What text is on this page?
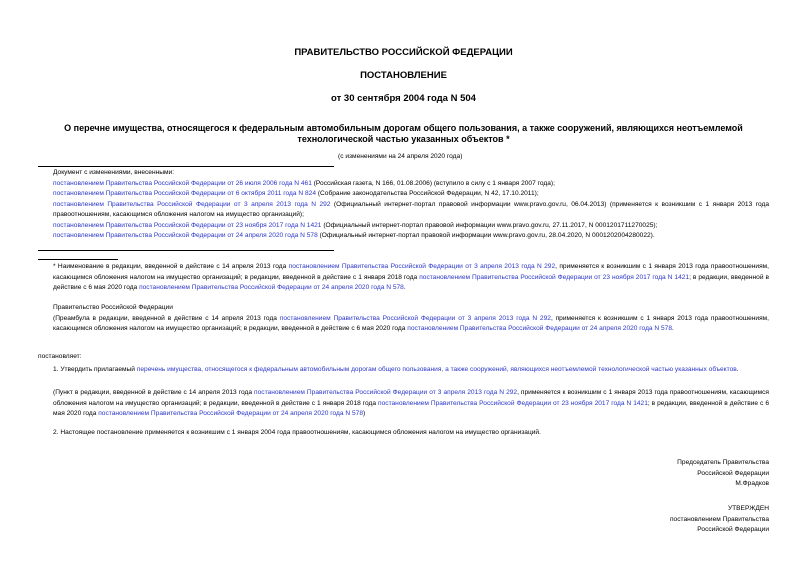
ПРАВИТЕЛЬСТВО РОССИЙСКОЙ ФЕДЕРАЦИИ
ПОСТАНОВЛЕНИЕ
от 30 сентября 2004 года N 504
О перечне имущества, относящегося к федеральным автомобильным дорогам общего пользования, а также сооружений, являющихся неотъемлемой технологической частью указанных объектов *
(с изменениями на 24 апреля 2020 года)

Документ с изменениями, внесенными:

постановлением Правительства Российской Федерации от 26 июля 2006 года N 461 (Российская газета, N 166, 01.08.2006) (вступило в силу с 1 января 2007 года);

постановлением Правительства Российской Федерации от 6 октября 2011 года N 824 (Собрание законодательства Российской Федерации, N 42, 17.10.2011);

постановлением Правительства Российской Федерации от 3 апреля 2013 года N 292 (Официальный интернет-портал правовой информации www.pravo.gov.ru, 06.04.2013) (применяется к возникшим с 1 января 2013 года правоотношениям, касающимся обложения налогом на имущество организаций);

постановлением Правительства Российской Федерации от 23 ноября 2017 года N 1421 (Официальный интернет-портал правовой информации www.pravo.gov.ru, 27.11.2017, N 0001201711270025);

постановлением Правительства Российской Федерации от 24 апреля 2020 года N 578 (Официальный интернет-портал правовой информации www.pravo.gov.ru, 28.04.2020, N 0001202004280022).

* Наименование в редакции, введенной в действие с 14 апреля 2013 года постановлением Правительства Российской Федерации от 3 апреля 2013 года N 292, применяется к возникшим с 1 января 2013 года правоотношениям, касающимся обложения налогом на имущество организаций; в редакции, введенной в действие с 1 января 2018 года постановлением Правительства Российской Федерации от 23 ноября 2017 года N 1421; в редакции, введенной в действие с 6 мая 2020 года постановлением Правительства Российской Федерации от 24 апреля 2020 года N 578.

Правительство Российской Федерации

(Преамбула в редакции, введенной в действие с 14 апреля 2013 года постановлением Правительства Российской Федерации от 3 апреля 2013 года N 292, применяется к возникшим с 1 января 2013 года правоотношениям, касающимся обложения налогом на имущество организаций; в редакции, введенной в действие с 6 мая 2020 года постановлением Правительства Российской Федерации от 24 апреля 2020 года N 578.

постановляет:

1. Утвердить прилагаемый перечень имущества, относящегося к федеральным автомобильным дорогам общего пользования, а также сооружений, являющихся неотъемлемой технологической частью указанных объектов.

(Пункт в редакции, введенной в действие с 14 апреля 2013 года постановлением Правительства Российской Федерации от 3 апреля 2013 года N 292, применяется к возникшим с 1 января 2013 года правоотношениям, касающимся обложения налогом на имущество организаций; в редакции, введенной в действие с 1 января 2018 года постановлением Правительства Российской Федерации от 23 ноября 2017 года N 1421; в редакции, введенной в действие с 6 мая 2020 года постановлением Правительства Российской Федерации от 24 апреля 2020 года N 578)

2. Настоящее постановление применяется к возникшим с 1 января 2004 года правоотношениям, касающимся обложения налогом на имущество организаций.
Председатель Правительства
Российской Федерации
М.Фрадков
УТВЕРЖДЕН
постановлением Правительства
Российской Федерации
